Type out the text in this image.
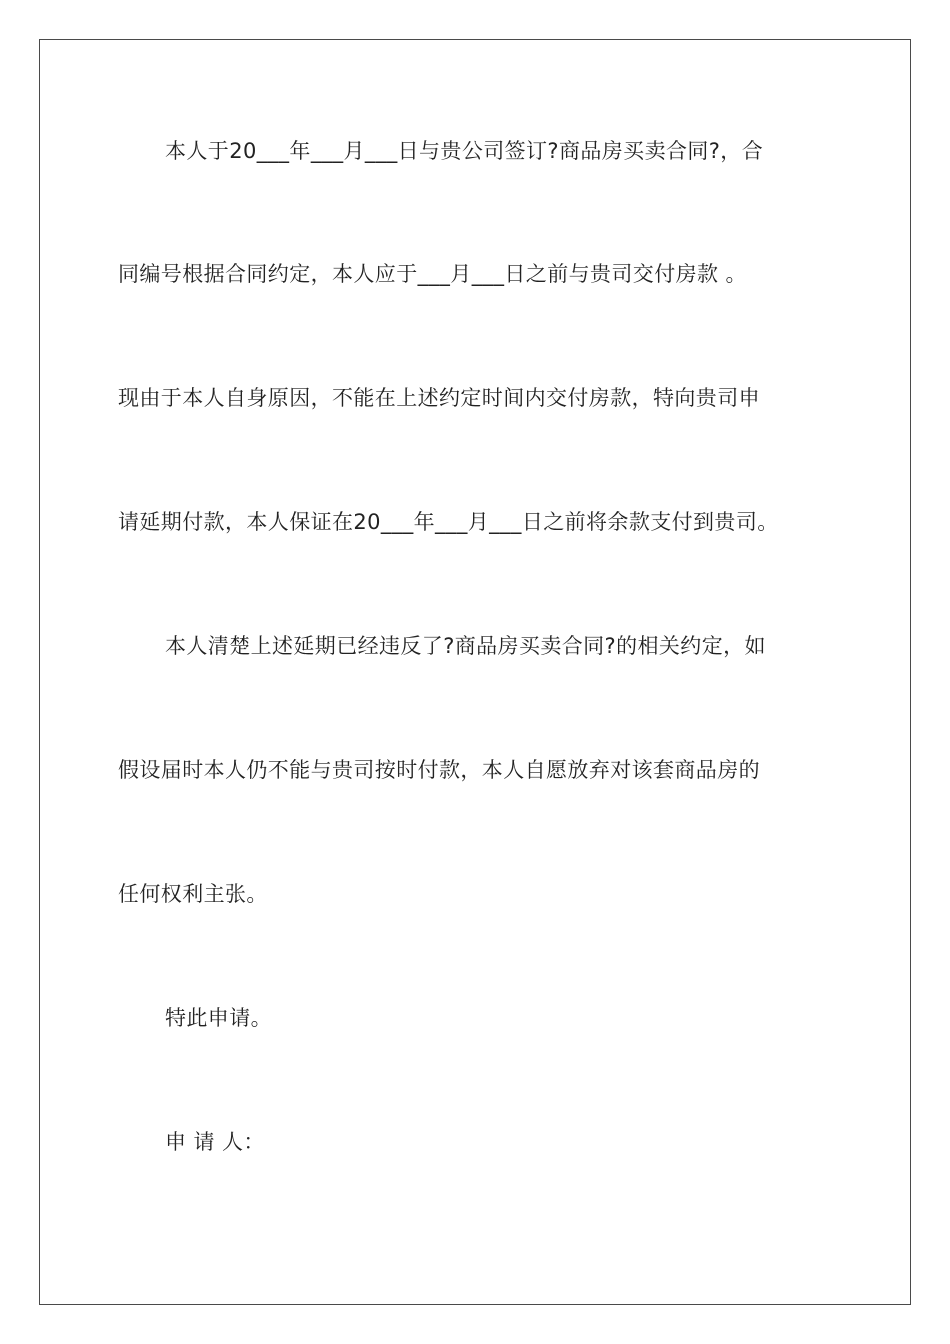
本人于20___年___月___日与贵公司签订?商品房买卖合同?，合
同编号根据合同约定，本人应于___月___日之前与贵司交付房款 。
现由于本人自身原因，不能在上述约定时间内交付房款，特向贵司申
请延期付款，本人保证在20___年___月___日之前将余款支付到贵司。
本人清楚上述延期已经违反了?商品房买卖合同?的相关约定，如
假设届时本人仍不能与贵司按时付款，本人自愿放弃对该套商品房的
任何权利主张。
特此申请。
申 请 人：
